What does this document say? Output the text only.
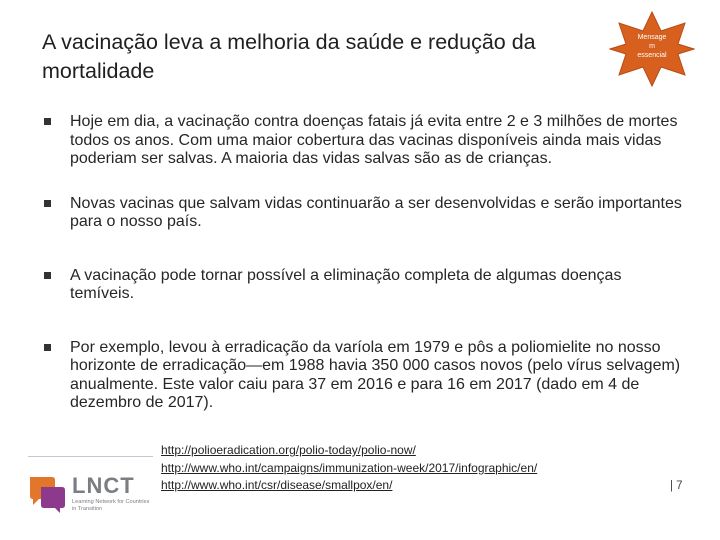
A vacinação leva a melhoria da saúde e redução da mortalidade
Mensage
m
essencial
Hoje em dia, a vacinação contra doenças fatais já evita entre 2 e 3 milhões de mortes todos os anos. Com uma maior cobertura das vacinas disponíveis ainda mais vidas poderiam ser salvas. A maioria das vidas salvas são as de crianças.
Novas vacinas que salvam vidas continuarão a ser desenvolvidas e serão importantes para o nosso país.
A vacinação pode tornar possível a eliminação completa de algumas doenças temíveis.
Por exemplo, levou à erradicação da varíola em 1979 e pôs a poliomielite no nosso horizonte de erradicação—em 1988 havia 350 000 casos novos (pelo vírus selvagem) anualmente. Este valor caiu para 37 em 2016 e para 16 em 2017 (dado em 4 de dezembro de 2017).
LNCT
Learning Network for Countries in Transition
http://polioeradication.org/polio-today/polio-now/
http://www.who.int/campaigns/immunization-week/2017/infographic/en/
http://www.who.int/csr/disease/smallpox/en/	| 7
